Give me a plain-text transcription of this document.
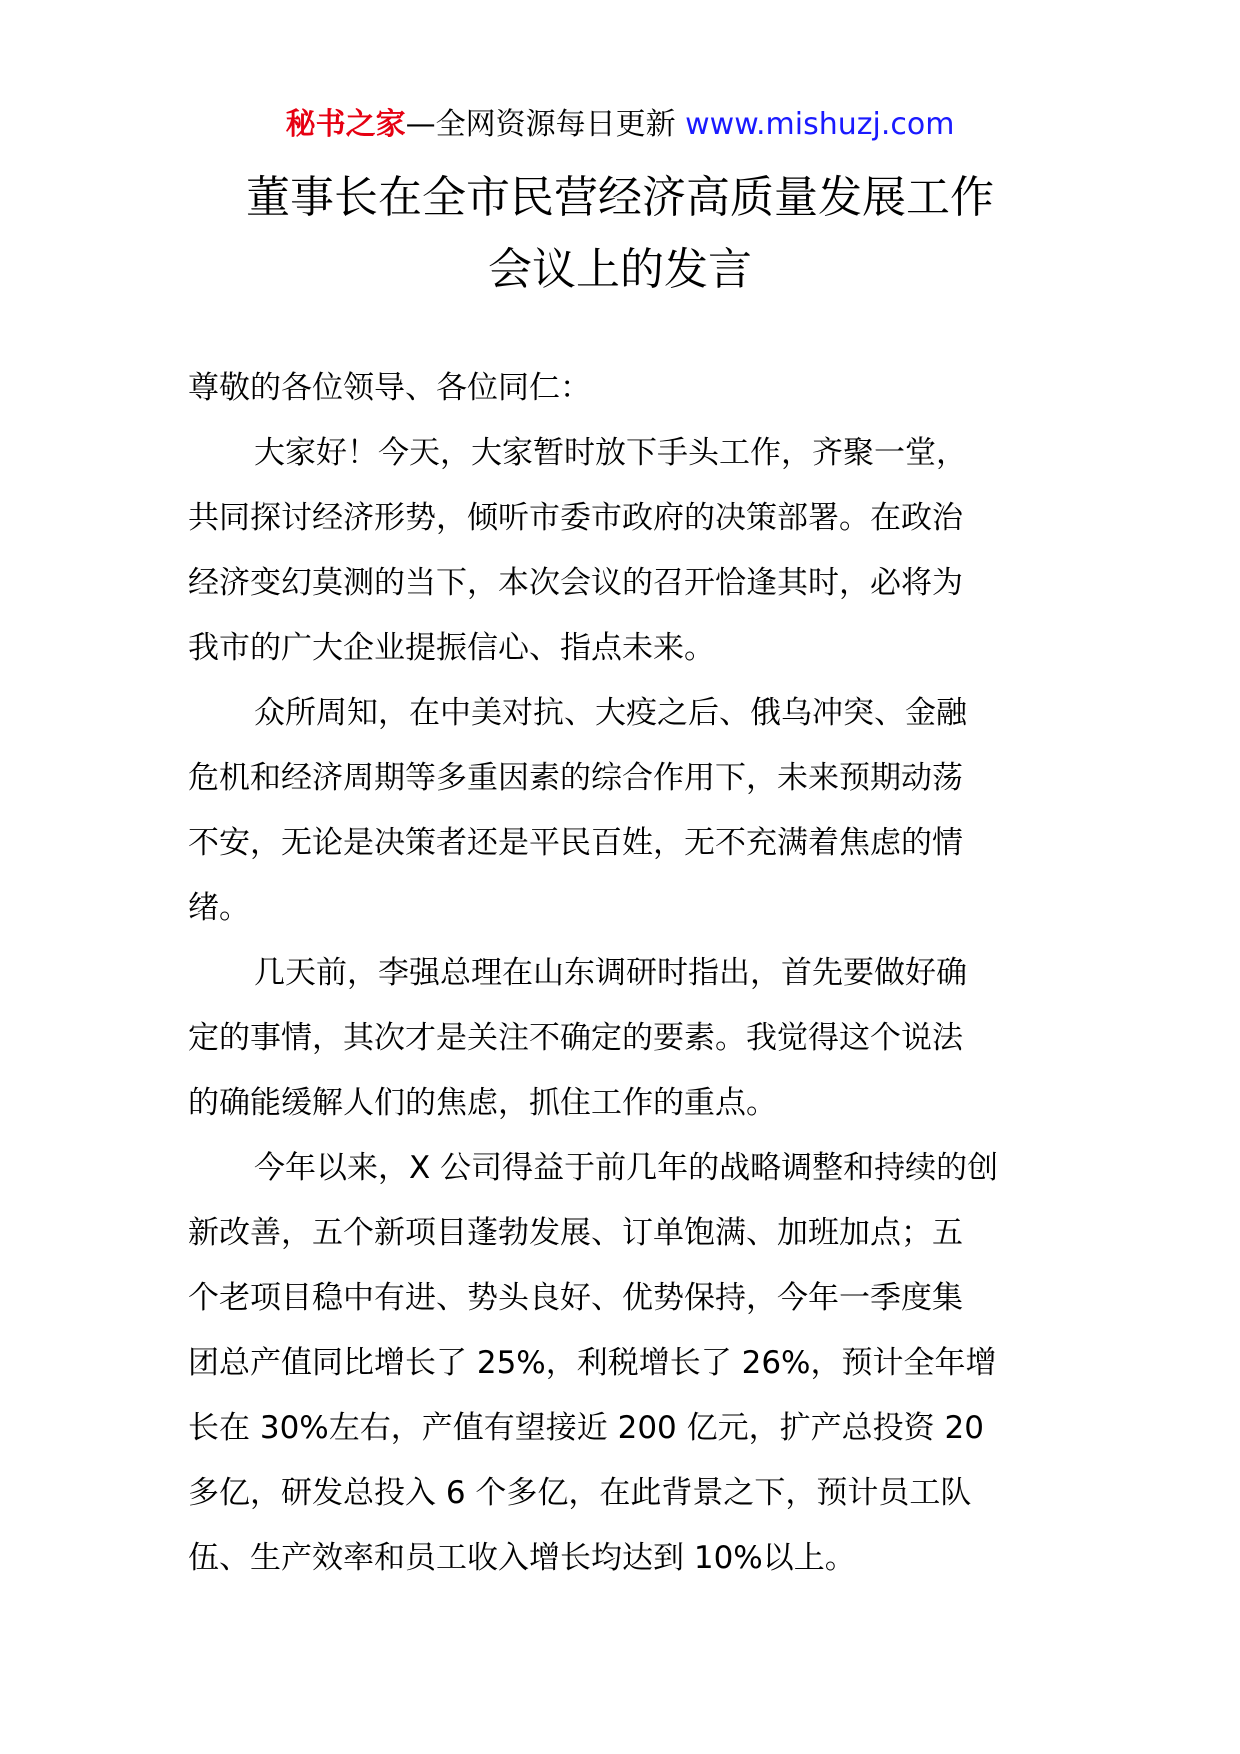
秘书之家—全网资源每日更新 www.mishuzj.com
董事长在全市民营经济高质量发展工作
会议上的发言

尊敬的各位领导、各位同仁：

大家好！今天，大家暂时放下手头工作，齐聚一堂，
共同探讨经济形势，倾听市委市政府的决策部署。在政治
经济变幻莫测的当下，本次会议的召开恰逢其时，必将为
我市的广大企业提振信心、指点未来。

众所周知，在中美对抗、大疫之后、俄乌冲突、金融
危机和经济周期等多重因素的综合作用下，未来预期动荡
不安，无论是决策者还是平民百姓，无不充满着焦虑的情
绪。

几天前，李强总理在山东调研时指出，首先要做好确
定的事情，其次才是关注不确定的要素。我觉得这个说法
的确能缓解人们的焦虑，抓住工作的重点。

今年以来，X 公司得益于前几年的战略调整和持续的创
新改善，五个新项目蓬勃发展、订单饱满、加班加点；五
个老项目稳中有进、势头良好、优势保持，今年一季度集
团总产值同比增长了 25%，利税增长了 26%，预计全年增
长在 30%左右，产值有望接近 200 亿元，扩产总投资 20
多亿，研发总投入 6 个多亿，在此背景之下，预计员工队
伍、生产效率和员工收入增长均达到 10%以上。
